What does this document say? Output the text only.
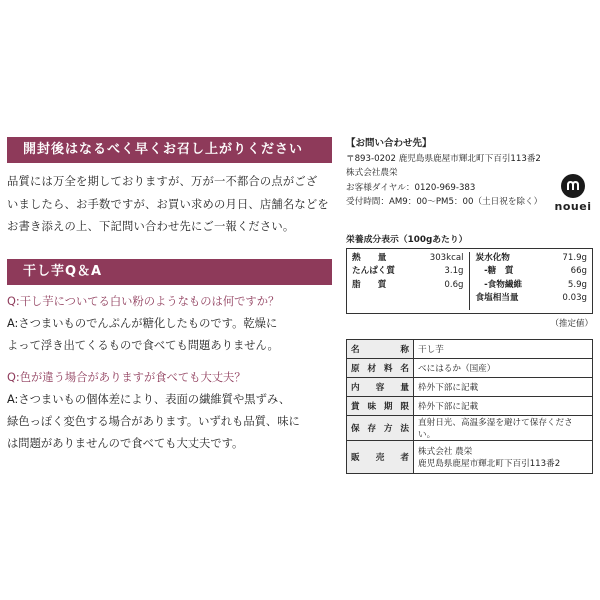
開封後はなるべく早くお召し上がりください
品質には万全を期しておりますが、万が一不都合の点がござ
いましたら、お手数ですが、お買い求めの月日、店舗名などを
お書き添えの上、下記問い合わせ先にご一報ください。
干し芋Q＆A
Q:干し芋についてる白い粉のようなものは何ですか？
A:さつまいものでんぷんが糖化したものです。乾燥に
よって浮き出てくるもので食べても問題ありません。
Q:色が違う場合がありますが食べても大丈夫？
A:さつまいもの個体差により、表面の繊維質や黒ずみ、
緑色っぽく変色する場合があります。いずれも品質、味に
は問題がありませんので食べても大丈夫です。
【お問い合わせ先】
〒893-0202 鹿児島県鹿屋市輝北町下百引113番2
株式会社農栄
お客様ダイヤル：0120-969-383
受付時間：AM9：00〜PM5：00（土日祝を除く）	nouei
栄養成分表示（100gあたり）
熱　　量	303kcal
たんぱく質	3.1g
脂　　質	0.6g
炭水化物	71.9g
　-糖　質	66g
　-食物繊維	5.9g
食塩相当量	0.03g
（推定値）
名称	干し芋
原材料名	べにはるか（国産）
内容量	枠外下部に記載
賞味期限	枠外下部に記載
保存方法	直射日光、高温多湿を避けて保存ください。
販売者	株式会社 農栄
鹿児島県鹿屋市輝北町下百引113番2
